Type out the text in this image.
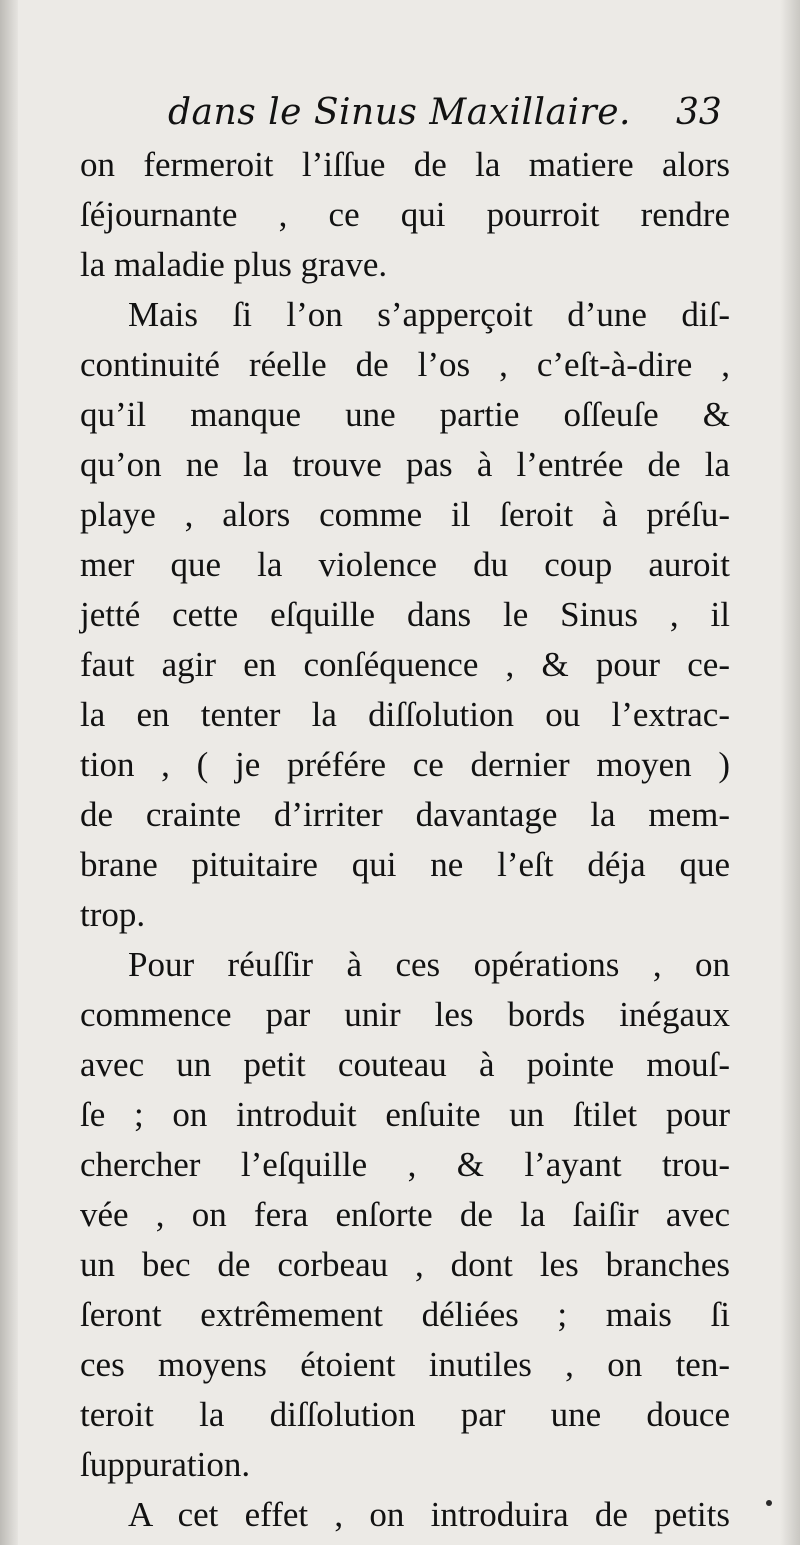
dans le Sinus Maxillaire. 33
on fermeroit l’iſſue de la matiere alors
ſéjournante , ce qui pourroit rendre
la maladie plus grave.
Mais ſi l’on s’apperçoit d’une diſ-
continuité réelle de l’os , c’eſt-à-dire ,
qu’il manque une partie oſſeuſe &
qu’on ne la trouve pas à l’entrée de la
playe , alors comme il ſeroit à préſu-
mer que la violence du coup auroit
jetté cette eſquille dans le Sinus , il
faut agir en conſéquence , & pour ce-
la en tenter la diſſolution ou l’extrac-
tion , ( je préfére ce dernier moyen )
de crainte d’irriter davantage la mem-
brane pituitaire qui ne l’eſt déja que
trop.
Pour réuſſir à ces opérations , on
commence par unir les bords inégaux
avec un petit couteau à pointe mouſ-
ſe ; on introduit enſuite un ſtilet pour
chercher l’eſquille , & l’ayant trou-
vée , on fera enſorte de la ſaiſir avec
un bec de corbeau , dont les branches
ſeront extrêmement déliées ; mais ſi
ces moyens étoient inutiles , on ten-
teroit la diſſolution par une douce
ſuppuration.
A cet effet , on introduira de petits
